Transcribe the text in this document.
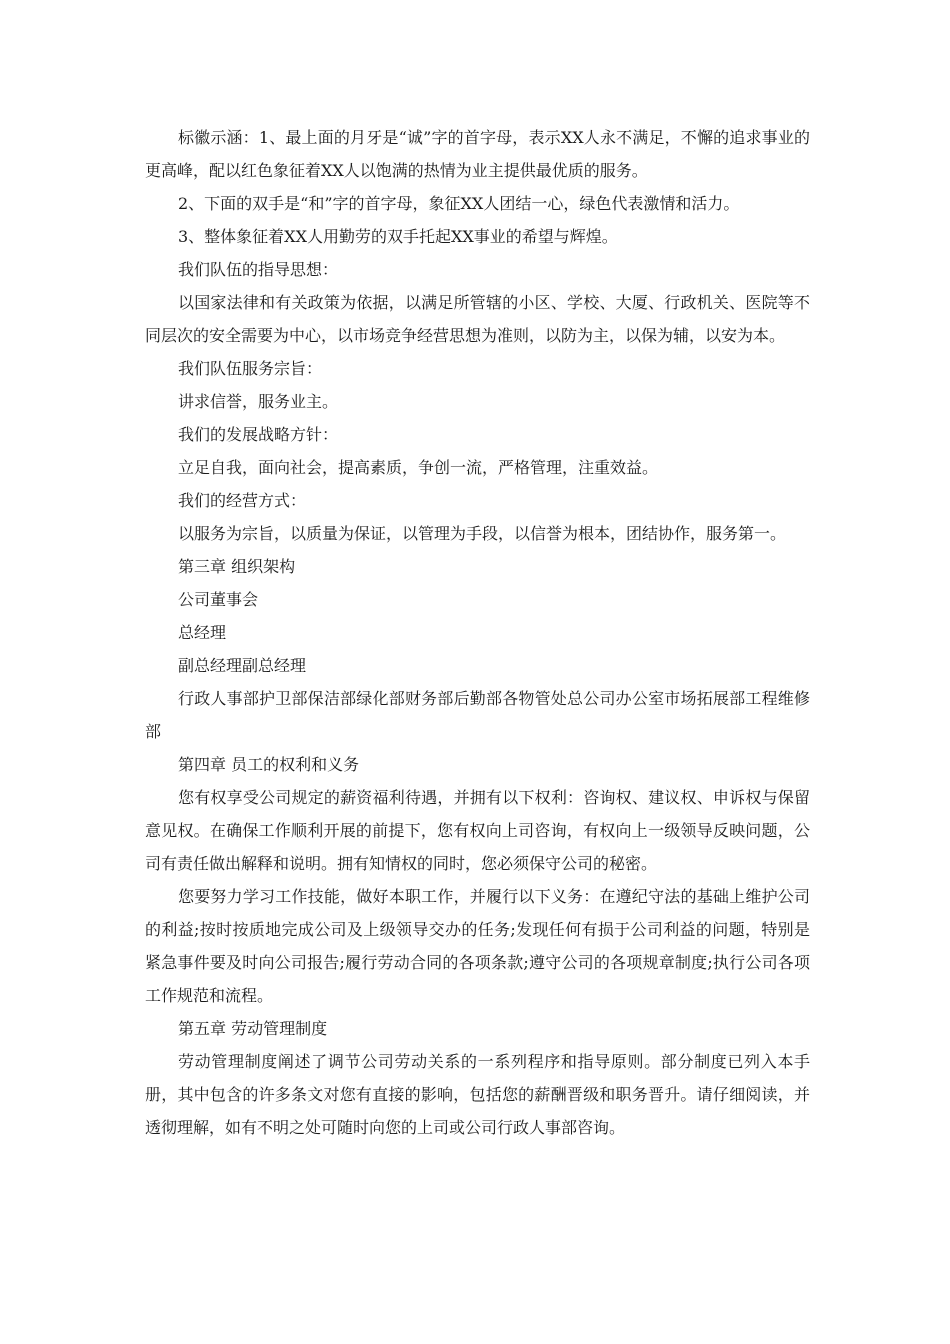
标徽示涵：1、最上面的月牙是“诚”字的首字母，表示XX人永不满足，不懈的追求事业的更高峰，配以红色象征着XX人以饱满的热情为业主提供最优质的服务。

2、下面的双手是“和”字的首字母，象征XX人团结一心，绿色代表激情和活力。

3、整体象征着XX人用勤劳的双手托起XX事业的希望与辉煌。

我们队伍的指导思想：

以国家法律和有关政策为依据，以满足所管辖的小区、学校、大厦、行政机关、医院等不同层次的安全需要为中心，以市场竞争经营思想为准则，以防为主，以保为辅，以安为本。

我们队伍服务宗旨：

讲求信誉，服务业主。

我们的发展战略方针：

立足自我，面向社会，提高素质，争创一流，严格管理，注重效益。

我们的经营方式：

以服务为宗旨，以质量为保证，以管理为手段，以信誉为根本，团结协作，服务第一。

第三章 组织架构

公司董事会

总经理

副总经理副总经理

行政人事部护卫部保洁部绿化部财务部后勤部各物管处总公司办公室市场拓展部工程维修部

第四章 员工的权利和义务

您有权享受公司规定的薪资福利待遇，并拥有以下权利：咨询权、建议权、申诉权与保留意见权。在确保工作顺利开展的前提下，您有权向上司咨询，有权向上一级领导反映问题，公司有责任做出解释和说明。拥有知情权的同时，您必须保守公司的秘密。

您要努力学习工作技能，做好本职工作，并履行以下义务：在遵纪守法的基础上维护公司的利益;按时按质地完成公司及上级领导交办的任务;发现任何有损于公司利益的问题，特别是紧急事件要及时向公司报告;履行劳动合同的各项条款;遵守公司的各项规章制度;执行公司各项工作规范和流程。

第五章 劳动管理制度

劳动管理制度阐述了调节公司劳动关系的一系列程序和指导原则。部分制度已列入本手册，其中包含的许多条文对您有直接的影响，包括您的薪酬晋级和职务晋升。请仔细阅读，并透彻理解，如有不明之处可随时向您的上司或公司行政人事部咨询。
